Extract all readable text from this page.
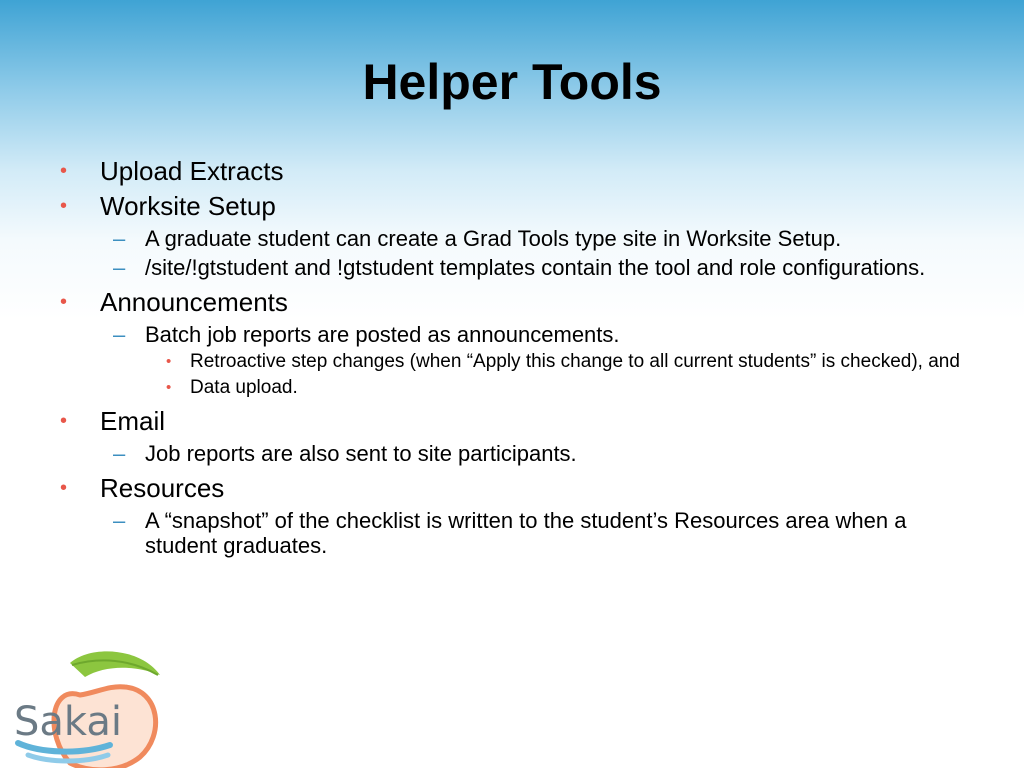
Helper Tools
• Upload Extracts
• Worksite Setup
– A graduate student can create a Grad Tools type site in Worksite Setup.
– /site/!gtstudent and !gtstudent templates contain the tool and role configurations.
• Announcements
– Batch job reports are posted as announcements.
• Retroactive step changes (when “Apply this change to all current students” is checked), and
• Data upload.
• Email
– Job reports are also sent to site participants.
• Resources
– A “snapshot” of the checklist is written to the student’s Resources area when a student graduates.
Sakai
